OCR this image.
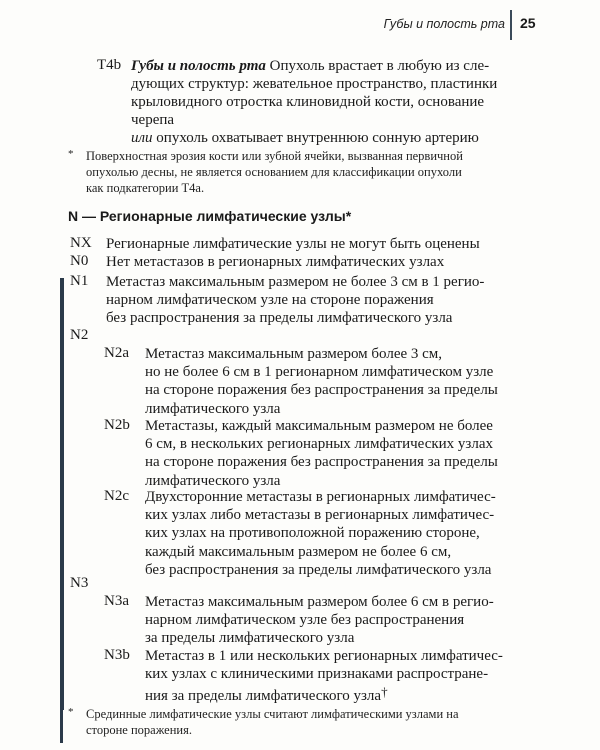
Губы и полость рта 25
T4b Губы и полость рта Опухоль врастает в любую из сле-
дующих структур: жевательное пространство, пластинки
крыловидного отростка клиновидной кости, основание
черепа
или опухоль охватывает внутреннюю сонную артерию
* Поверхностная эрозия кости или зубной ячейки, вызванная первичной
опухолью десны, не является основанием для классификации опухоли
как подкатегории T4a.
N — Регионарные лимфатические узлы*
NX Регионарные лимфатические узлы не могут быть оценены
N0 Нет метастазов в регионарных лимфатических узлах
N1 Метастаз максимальным размером не более 3 см в 1 регио-
нарном лимфатическом узле на стороне поражения
без распространения за пределы лимфатического узла
N2
N2a Метастаз максимальным размером более 3 см,
но не более 6 см в 1 регионарном лимфатическом узле
на стороне поражения без распространения за пределы
лимфатического узла
N2b Метастазы, каждый максимальным размером не более
6 см, в нескольких регионарных лимфатических узлах
на стороне поражения без распространения за пределы
лимфатического узла
N2c Двухсторонние метастазы в регионарных лимфатичес-
ких узлах либо метастазы в регионарных лимфатичес-
ких узлах на противоположной поражению стороне,
каждый максимальным размером не более 6 см,
без распространения за пределы лимфатического узла
N3
N3a Метастаз максимальным размером более 6 см в регио-
нарном лимфатическом узле без распространения
за пределы лимфатического узла
N3b Метастаз в 1 или нескольких регионарных лимфатичес-
ких узлах с клиническими признаками распростране-
ния за пределы лимфатического узла†
* Срединные лимфатические узлы считают лимфатическими узлами на
стороне поражения.
